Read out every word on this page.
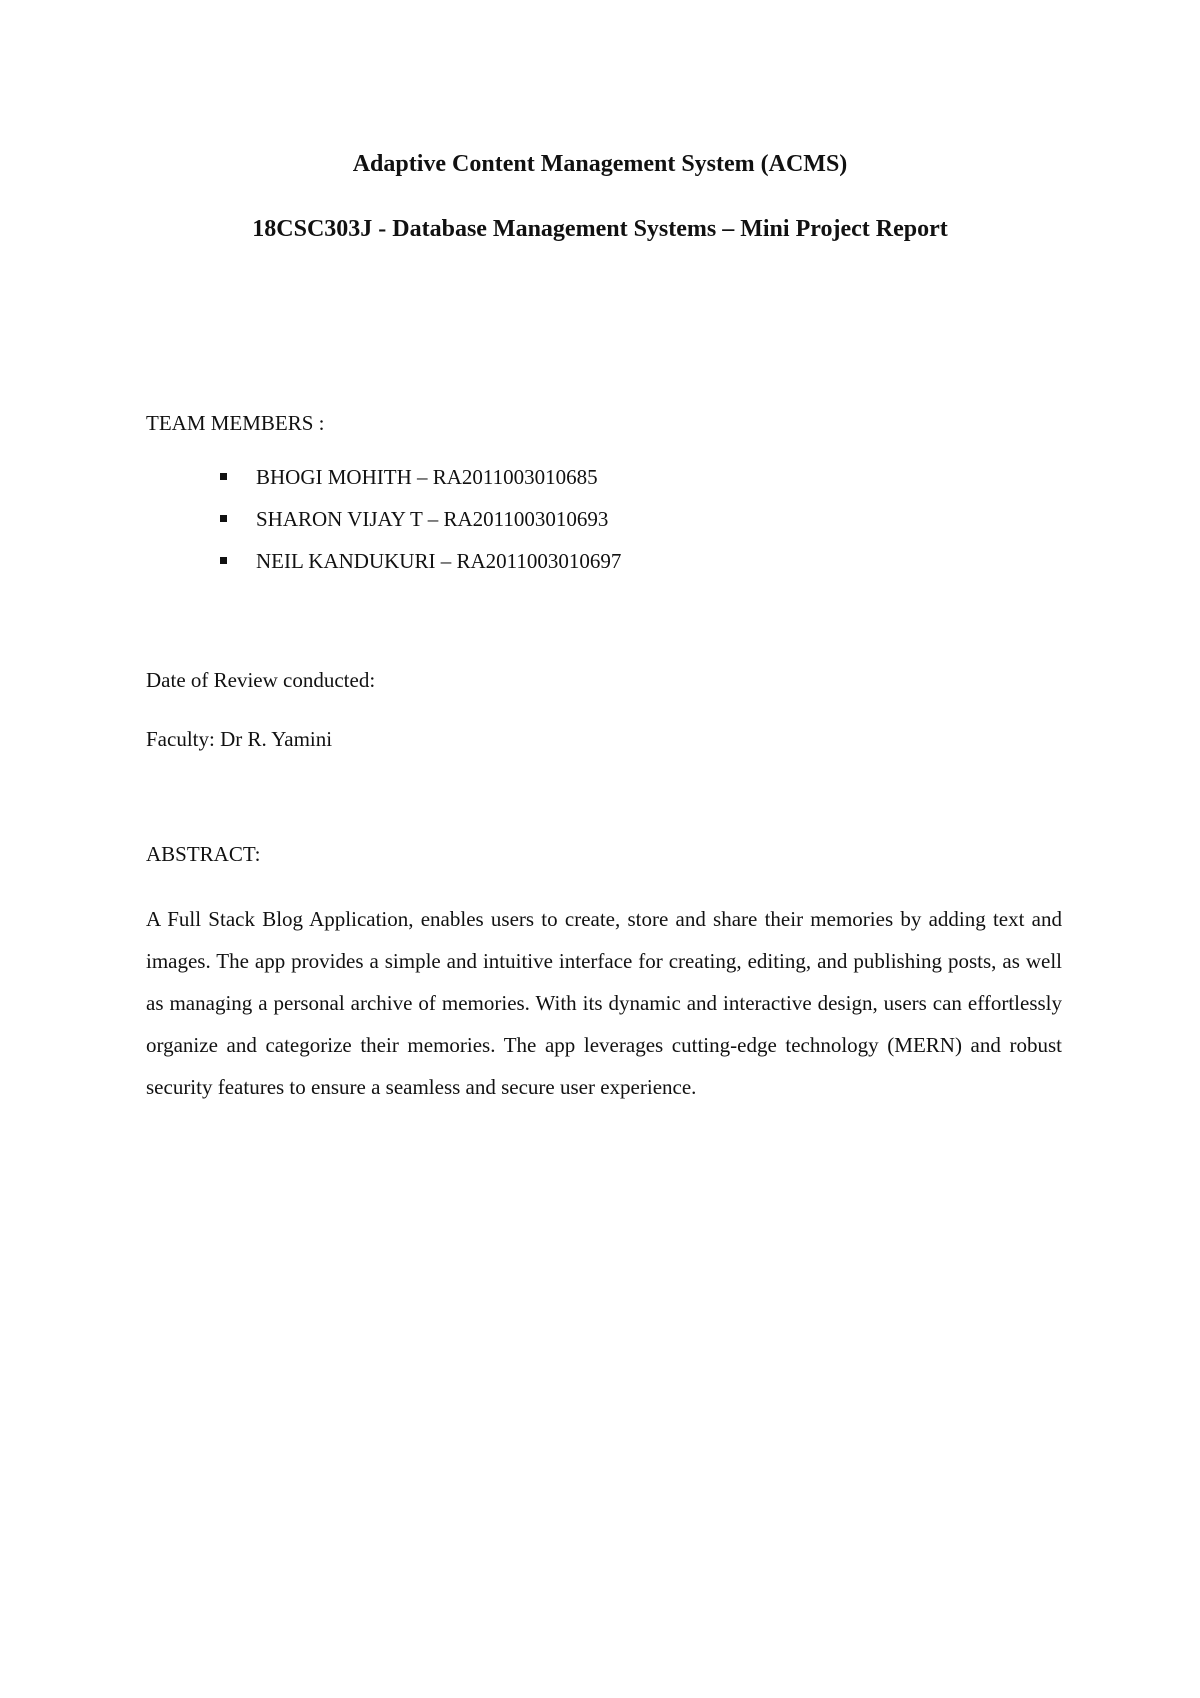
Adaptive Content Management System (ACMS)
18CSC303J - Database Management Systems – Mini Project Report

TEAM MEMBERS :

BHOGI MOHITH – RA2011003010685
SHARON VIJAY T – RA2011003010693
NEIL KANDUKURI – RA2011003010697

Date of Review conducted:

Faculty: Dr R. Yamini

ABSTRACT:

A Full Stack Blog Application, enables users to create, store and share their memories by adding text and images. The app provides a simple and intuitive interface for creating, editing, and publishing posts, as well as managing a personal archive of memories. With its dynamic and interactive design, users can effortlessly organize and categorize their memories. The app leverages cutting-edge technology (MERN) and robust security features to ensure a seamless and secure user experience.
